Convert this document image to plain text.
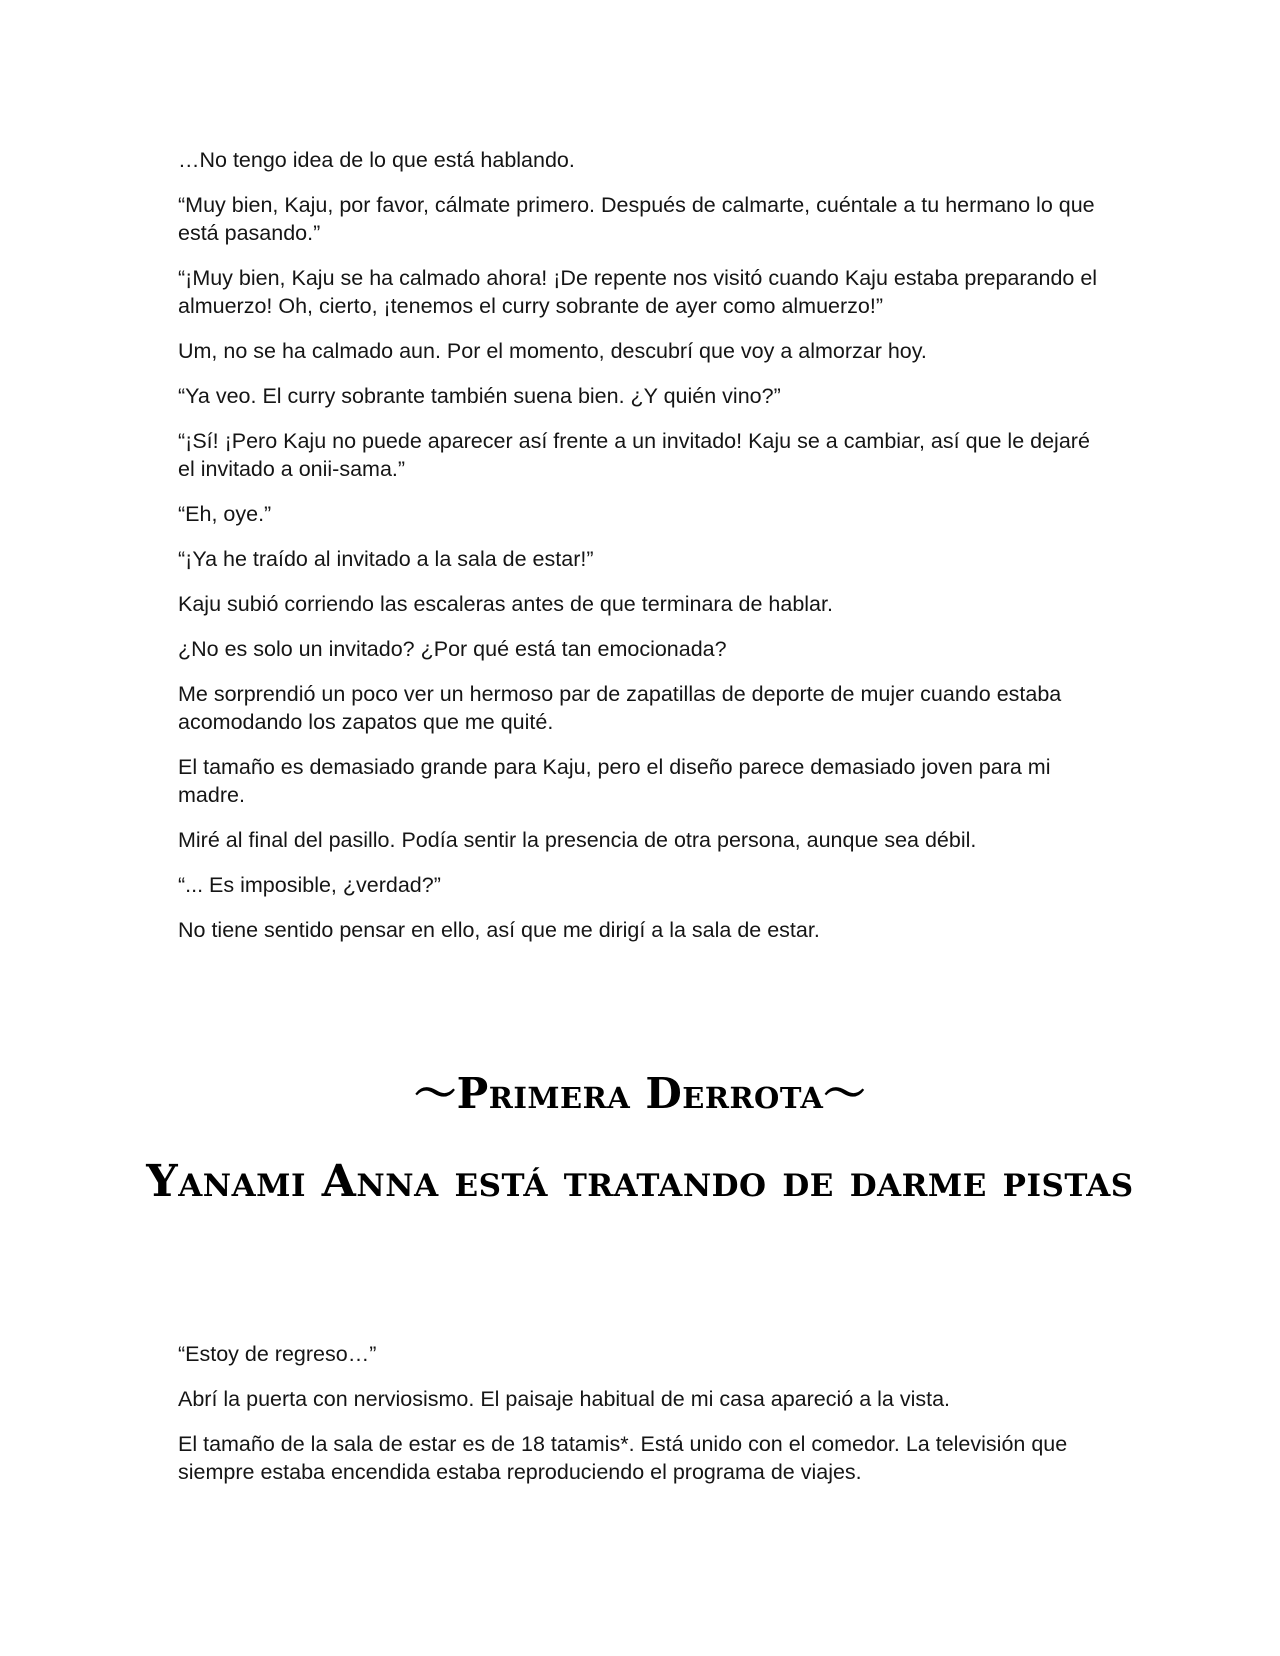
…No tengo idea de lo que está hablando.

“Muy bien, Kaju, por favor, cálmate primero. Después de calmarte, cuéntale a tu hermano lo que está pasando.”

“¡Muy bien, Kaju se ha calmado ahora! ¡De repente nos visitó cuando Kaju estaba preparando el almuerzo! Oh, cierto, ¡tenemos el curry sobrante de ayer como almuerzo!”

Um, no se ha calmado aun. Por el momento, descubrí que voy a almorzar hoy.

“Ya veo. El curry sobrante también suena bien. ¿Y quién vino?”

“¡Sí! ¡Pero Kaju no puede aparecer así frente a un invitado! Kaju se a cambiar, así que le dejaré el invitado a onii-sama.”

“Eh, oye.”

“¡Ya he traído al invitado a la sala de estar!”

Kaju subió corriendo las escaleras antes de que terminara de hablar.

¿No es solo un invitado? ¿Por qué está tan emocionada?

Me sorprendió un poco ver un hermoso par de zapatillas de deporte de mujer cuando estaba acomodando los zapatos que me quité.

El tamaño es demasiado grande para Kaju, pero el diseño parece demasiado joven para mi madre.

Miré al final del pasillo. Podía sentir la presencia de otra persona, aunque sea débil.

“... Es imposible, ¿verdad?”

No tiene sentido pensar en ello, así que me dirigí a la sala de estar.

～Primera Derrota～
Yanami Anna está tratando de darme pistas

“Estoy de regreso…”

Abrí la puerta con nerviosismo. El paisaje habitual de mi casa apareció a la vista.

El tamaño de la sala de estar es de 18 tatamis*. Está unido con el comedor. La televisión que siempre estaba encendida estaba reproduciendo el programa de viajes.
